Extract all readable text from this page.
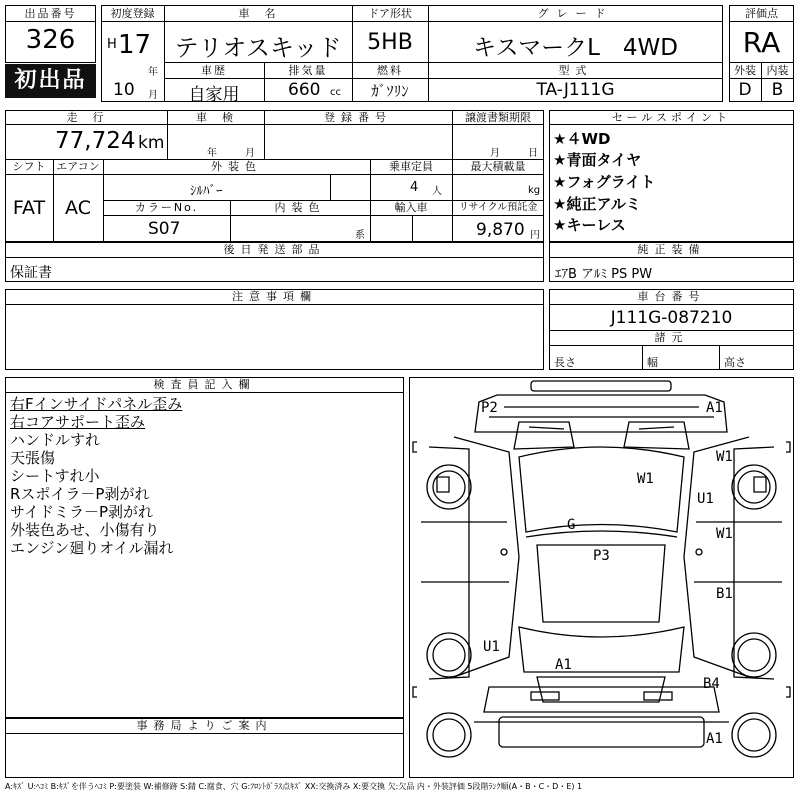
出品番号
326
初出品
初度登録
H 17
年
10 月
車　名
テリオスキッド
ドア形状
5HB
グレード
キスマークL　4WD
車歴
自家用
排気量
660 cc
燃料
ｶﾞｿﾘﾝ
型式
TA-J111G
評価点
RA
外装 内装
D	B
走　行
77,724 km
車　検
年	月
登録番号	譲渡書類期限
月	日
シフト
FAT
エアコン
AC
外装色
ｼﾙﾊﾞｰ
乗車定員
4 人
最大積載量
kg
カラーNo.
S07
内装色
系
輸入車	リサイクル預託金
9,870 円
セールスポイント
★４WD
★青面タイヤ
★フォグライト
★純正アルミ
★キーレス
後日発送部品
保証書
純正装備
ｴｱB アﾙﾐ PS PW
注意事項欄	車台番号
J111G-087210
諸元
長さ	幅	高さ
検査員記入欄
右Fインサイドパネル歪み
右コアサポート歪み
ハンドルすれ
天張傷
シートすれ小
Rスポイラ－P剥がれ
サイドミラ－P剥がれ
外装色あせ、小傷有り
エンジン廻りオイル漏れ
事務局よりご案内
P2	A1
W1
W1
U1
W1
G
P3
B1
U1
A1
B4
A1
A:ｷｽﾞ U:ﾍｺﾐ B:ｷｽﾞを伴うﾍｺﾐ P:要塗装 W:補修跡 S:錆 C:腐食、穴 G:ﾌﾛﾝﾄｶﾞﾗｽ点ｷｽﾞ XX:交換済み X:要交換 欠:欠品 内・外装評価 5段階ﾗﾝｸ順(A・B・C・D・E) 1
